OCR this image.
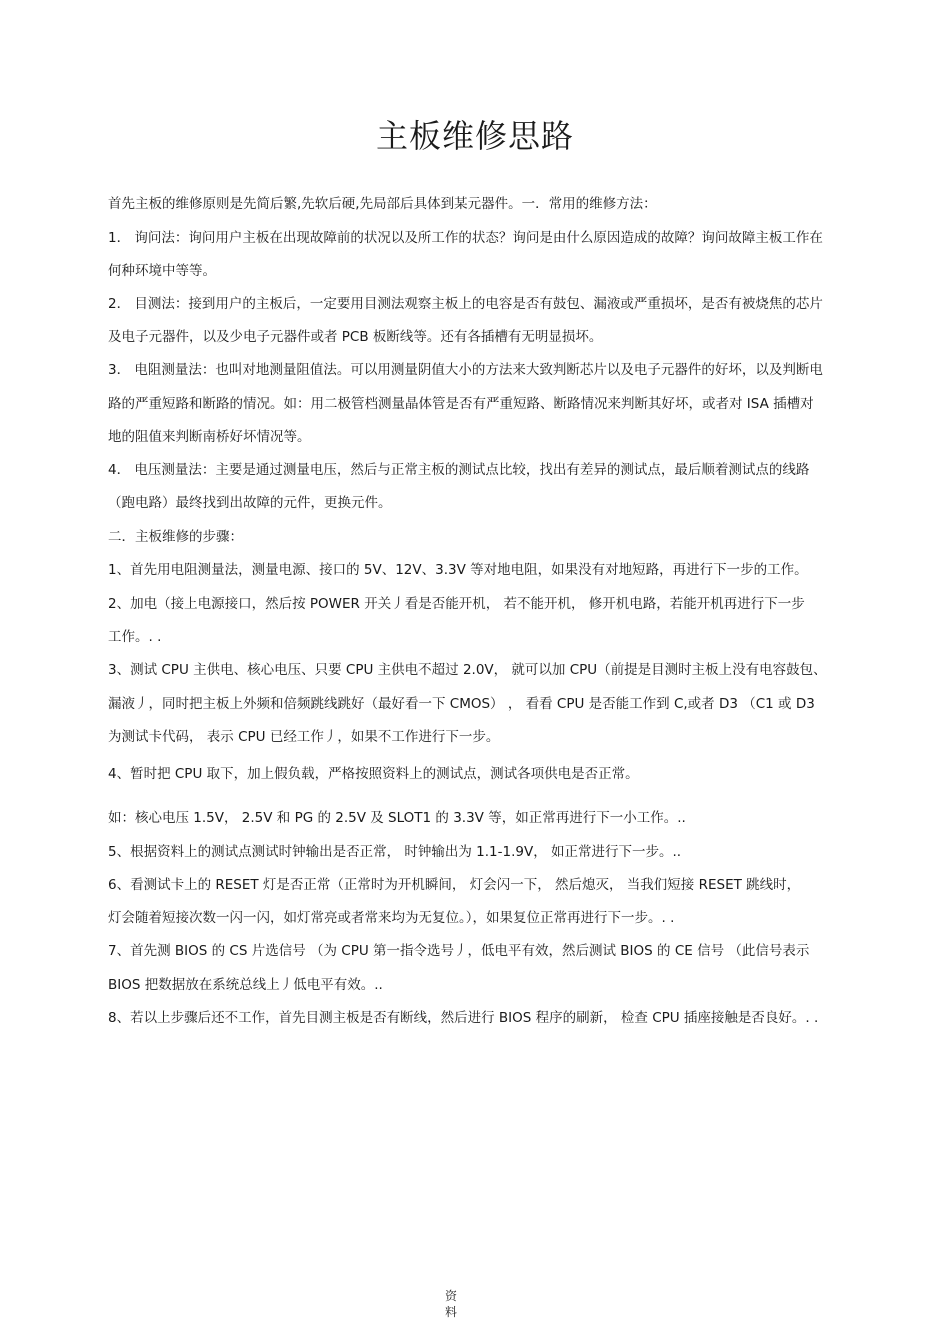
主板维修思路

首先主板的维修原则是先简后繁,先软后硬,先局部后具体到某元器件。一．常用的维修方法：

1． 询问法：询问用户主板在出现故障前的状况以及所工作的状态？询问是由什么原因造成的故障？询问故障主板工作在

何种环境中等等。

2． 目测法：接到用户的主板后，一定要用目测法观察主板上的电容是否有鼓包、漏液或严重损坏，是否有被烧焦的芯片

及电子元器件，以及少电子元器件或者 PCB 板断线等。还有各插槽有无明显损坏。

3． 电阻测量法：也叫对地测量阻值法。可以用测量阴值大小的方法来大致判断芯片以及电子元器件的好坏，以及判断电

路的严重短路和断路的情况。如：用二极管档测量晶体管是否有严重短路、断路情况来判断其好坏，或者对 ISA 插槽对

地的阻值来判断南桥好坏情况等。

4． 电压测量法：主要是通过测量电压，然后与正常主板的测试点比较，找出有差异的测试点，最后顺着测试点的线路

（跑电路）最终找到出故障的元件，更换元件。

二．主板维修的步骤：

1、首先用电阻测量法，测量电源、接口的 5V、12V、3.3V 等对地电阻，如果没有对地短路，再进行下一步的工作。

2、加电（接上电源接口，然后按 POWER 开关丿看是否能开机， 若不能开机， 修开机电路，若能开机再进行下一步

工作。. .

3、测试 CPU 主供电、核心电压、只要 CPU 主供电不超过 2.0V， 就可以加 CPU（前提是目测时主板上没有电容鼓包、

漏液丿，同时把主板上外频和倍频跳线跳好（最好看一下 CMOS） ， 看看 CPU 是否能工作到 C,或者 D3 （C1 或 D3

为测试卡代码， 表示 CPU 已经工作丿，如果不工作进行下一步。

4、暂时把 CPU 取下，加上假负载，严格按照资料上的测试点，测试各项供电是否正常。

如：核心电压 1.5V， 2.5V 和 PG 的 2.5V 及 SLOT1 的 3.3V 等，如正常再进行下一小工作。..

5、根据资料上的测试点测试时钟输出是否正常， 时钟输出为 1.1-1.9V， 如正常进行下一步。..

6、看测试卡上的 RESET 灯是否正常（正常时为开机瞬间， 灯会闪一下， 然后熄灭， 当我们短接 RESET 跳线时，

灯会随着短接次数一闪一闪，如灯常亮或者常来均为无复位。），如果复位正常再进行下一步。. .

7、首先测 BIOS 的 CS 片选信号 （为 CPU 第一指令选号丿，低电平有效，然后测试 BIOS 的 CE 信号 （此信号表示

BIOS 把数据放在系统总线上丿低电平有效。..

8、若以上步骤后还不工作，首先目测主板是否有断线，然后进行 BIOS 程序的刷新， 检查 CPU 插座接触是否良好。. .

资料
